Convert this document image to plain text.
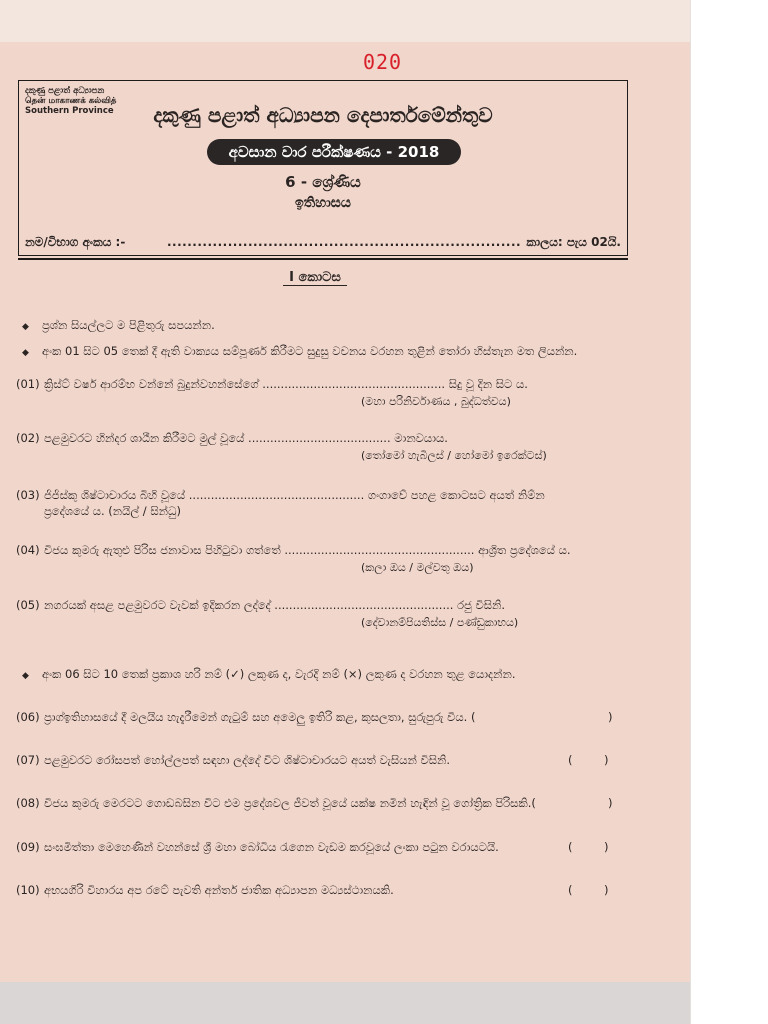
020
දකුණු පළාත් අධ්‍යාපන
தென் மாகாணக் கல்வித்
Southern Province	දකුණු පළාත් අධ්‍යාපන දෙපාර්තමේන්තුව
අවසාන වාර පරීක්ෂණය - 2018
6 - ශ්‍රේණිය
ඉතිහාසය
නම/විභාග අංකය :-	...................................................................... කාලය: පැය 02යි.
I කොටස
◆ ප්‍රශ්න සියල්ලට ම පිළිතුරු සපයන්න.
◆ අංක 01 සිට 05 තෙක් දී ඇති වාක්‍යය සම්පූර්ණ කිරීමට සුදුසු වචනය වරහන තුළින් තෝරා හිස්තැන මත ලියන්න.
(01) ක්‍රිස්ට් වර්ෂ ආරම්භ වන්නේ බුදුන්වහන්සේගේ .................................................. සිදු වූ දින සිට ය.
(මහා පරිනිර්වාණය , බුද්ධත්වය)
(02) පළමුවරට හින්දර ශාඨීන කිරීමට මුල් වූයේ ....................................... මානවයාය.
(තෝමෝ හැබිලස් / හෝමෝ ඉරෙක්ටස්)
(03) ජිජිස්කු ශිෂ්ටාචාරය බිහි වූයේ ................................................ ගංගාවේ පහළ කොටසට අයත් නිම්න
ප්‍රදේශයේ ය. (නයිල් / සින්ධු)
(04) විජය කුමරු ඇතුළු පිරිස ජනාවාස පිහිටුවා ගත්තේ .................................................... ආශ්‍රිත ප්‍රදේශයේ ය.
(කලා ඔය / මල්වතු ඔය)
(05) නගරයක් අසළ පළමුවරට වැවක් ඉදිකරන ලද්දේ ................................................. රජු විසිනි.
(දේවානම්පියතිස්ස / පණ්ඩුකාභය)
◆ අංක 06 සිට 10 තෙක් ප්‍රකාශ හරි නම් (✓) ලකුණ ද, වැරදි නම් (×) ලකුණ ද වරහන තුළ යොදන්න.
(06) ප්‍රාග්ඉතිහාසයේ දී මලයිය හැදැරීමෙන් ගැටුම් සහ අමෙලු ඉතිරි කළ, කුසලතා, සුරුපුරු වීය. (	)
(07) පළමුවරට රෝසපත් හෝල්ලපත් සඳහා ලද්දේ විට ශිෂ්ටාචාරයට අයත් වැසියන් විසිනි.	(	)
(08) විජය කුමරු මෙරටට ගොඩබසින විට එම ප්‍රදේශවල ජීවත් වූයේ යක්ෂ නමින් හැඳින් වූ ගෝත්‍රික පිරිසකි.(	)
(09) සංඝමිත්තා මෙහෙණින් වහන්සේ ශ්‍රී මහා බෝධිය රැගෙන වැඩම කරවූයේ ලංකා පටුන වරායටයි.	(	)
(10) අභයගිරි විහාරය අප රටේ පැවති අන්තර් ජාතික අධ්‍යාපන මධ්‍යස්ථානයකි.	(	)
